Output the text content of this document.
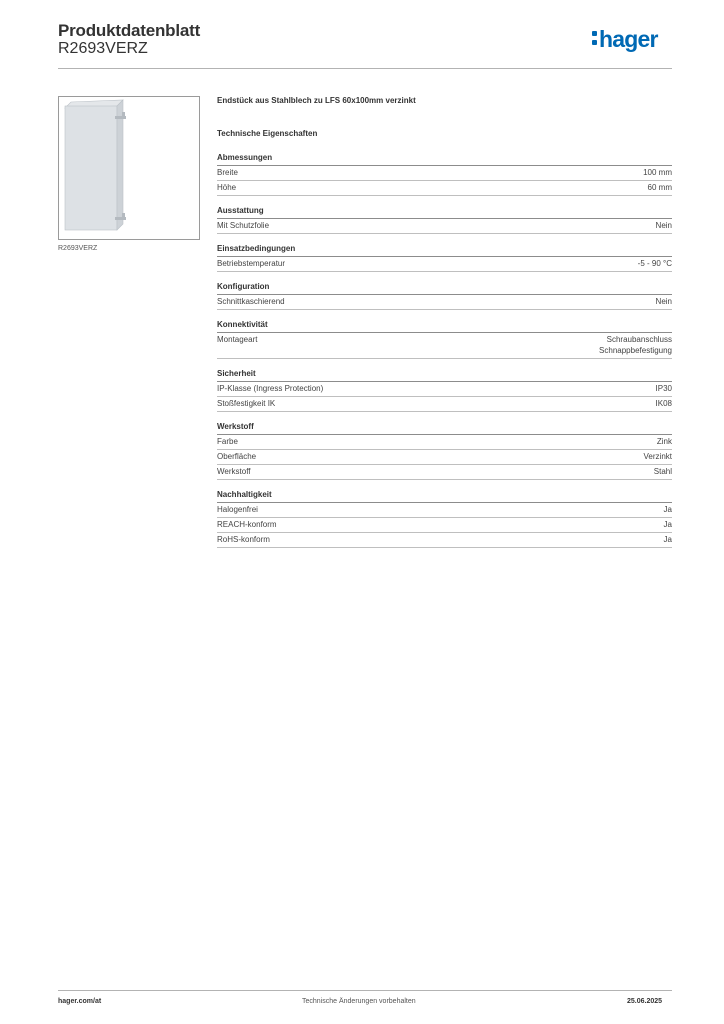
Produktdatenblatt
R2693VERZ	hager
R2693VERZ
Endstück aus Stahlblech zu LFS 60x100mm verzinkt
Technische Eigenschaften
Abmessungen
Breite	100 mm
Höhe	60 mm
Ausstattung
Mit Schutzfolie	Nein
Einsatzbedingungen
Betriebstemperatur	-5 - 90 °C
Konfiguration
Schnittkaschierend	Nein
Konnektivität
Montageart	Schraubanschluss
Schnappbefestigung
Sicherheit
IP-Klasse (Ingress Protection)	IP30
Stoßfestigkeit IK	IK08
Werkstoff
Farbe	Zink
Oberfläche	Verzinkt
Werkstoff	Stahl
Nachhaltigkeit
Halogenfrei	Ja
REACH-konform	Ja
RoHS-konform	Ja
hager.com/at	Technische Änderungen vorbehalten	25.06.2025
